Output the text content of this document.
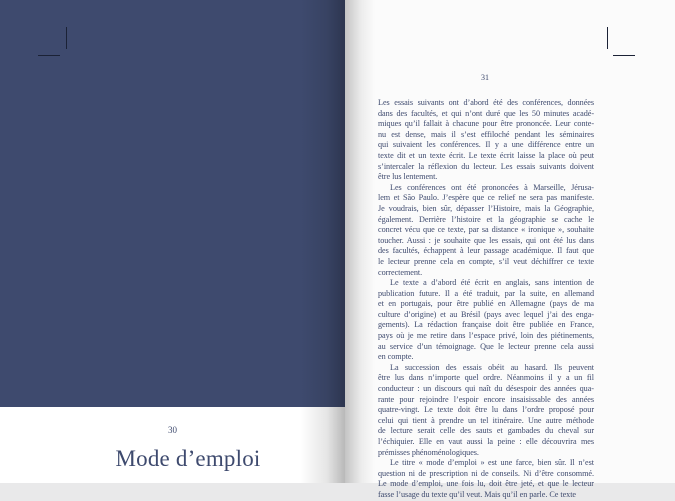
30
Mode d’emploi
31
Les essais suivants ont d’abord été des conférences, données
dans des facultés, et qui n’ont duré que les 50 minutes acadé-
miques qu’il fallait à chacune pour être prononcée. Leur conte-
nu est dense, mais il s’est effiloché pendant les séminaires
qui suivaient les conférences. Il y a une différence entre un
texte dit et un texte écrit. Le texte écrit laisse la place où peut
s’intercaler la réflexion du lecteur. Les essais suivants doivent
être lus lentement.
Les conférences ont été prononcées à Marseille, Jérusa-
lem et São Paulo. J’espère que ce relief ne sera pas manifeste.
Je voudrais, bien sûr, dépasser l’Histoire, mais la Géographie,
également. Derrière l’histoire et la géographie se cache le
concret vécu que ce texte, par sa distance « ironique », souhaite
toucher. Aussi : je souhaite que les essais, qui ont été lus dans
des facultés, échappent à leur passage académique. Il faut que
le lecteur prenne cela en compte, s’il veut déchiffrer ce texte
correctement.
Le texte a d’abord été écrit en anglais, sans intention de
publication future. Il a été traduit, par la suite, en allemand
et en portugais, pour être publié en Allemagne (pays de ma
culture d’origine) et au Brésil (pays avec lequel j’ai des enga-
gements). La rédaction française doit être publiée en France,
pays où je me retire dans l’espace privé, loin des piétinements,
au service d’un témoignage. Que le lecteur prenne cela aussi
en compte.
La succession des essais obéit au hasard. Ils peuvent
être lus dans n’importe quel ordre. Néanmoins il y a un fil
conducteur : un discours qui naît du désespoir des années qua-
rante pour rejoindre l’espoir encore insaisissable des années
quatre-vingt. Le texte doit être lu dans l’ordre proposé pour
celui qui tient à prendre un tel itinéraire. Une autre méthode
de lecture serait celle des sauts et gambades du cheval sur
l’échiquier. Elle en vaut aussi la peine : elle découvrira mes
prémisses phénoménologiques.
Le titre « mode d’emploi » est une farce, bien sûr. Il n’est
question ni de prescription ni de conseils. Ni d’être consommé.
Le mode d’emploi, une fois lu, doit être jeté, et que le lecteur
fasse l’usage du texte qu’il veut. Mais qu’il en parle. Ce texte
